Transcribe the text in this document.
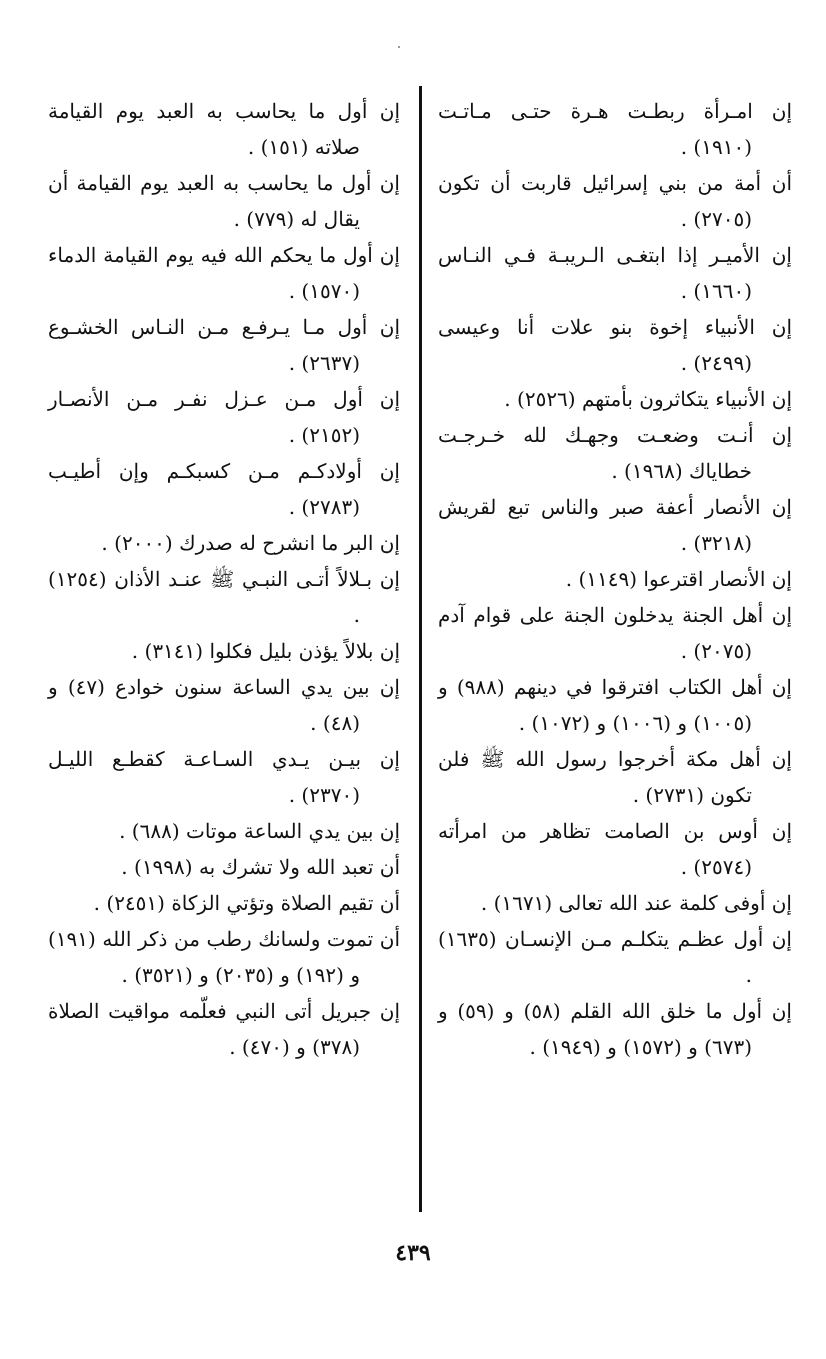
إن امـرأة ربطـت هـرة حتـى مـاتـت (١٩١٠) .

أن أمة من بني إسرائيل قاربت أن تكون (٢٧٠٥) .

إن الأميـر إذا ابتغـى الـريبـة فـي النـاس (١٦٦٠) .

إن الأنبياء إخوة بنو علات أنا وعيسى (٢٤٩٩) .

إن الأنبياء يتكاثرون بأمتهم (٢٥٢٦) .

إن أنـت وضعـت وجهـك لله خـرجـت خطاياك (١٩٦٨) .

إن الأنصار أعفة صبر والناس تبع لقريش (٣٢١٨) .

إن الأنصار اقترعوا (١١٤٩) .

إن أهل الجنة يدخلون الجنة على قوام آدم (٢٠٧٥) .

إن أهل الكتاب افترقوا في دينهم (٩٨٨) و (١٠٠٥) و (١٠٠٦) و (١٠٧٢) .

إن أهل مكة أخرجوا رسول الله ﷺ فلن تكون (٢٧٣١) .

إن أوس بن الصامت تظاهر من امرأته (٢٥٧٤) .

إن أوفى كلمة عند الله تعالى (١٦٧١) .

إن أول عظـم يتكلـم مـن الإنسـان (١٦٣٥) .

إن أول ما خلق الله القلم (٥٨) و (٥٩) و (٦٧٣) و (١٥٧٢) و (١٩٤٩) .

إن أول ما يحاسب به العبد يوم القيامة صلاته (١٥١) .

إن أول ما يحاسب به العبد يوم القيامة أن يقال له (٧٧٩) .

إن أول ما يحكم الله فيه يوم القيامة الدماء (١٥٧٠) .

إن أول مـا يـرفـع مـن النـاس الخشـوع (٢٦٣٧) .

إن أول مـن عـزل نفـر مـن الأنصـار (٢١٥٢) .

إن أولادكـم مـن كسبكـم وإن أطيـب (٢٧٨٣) .

إن البر ما انشرح له صدرك (٢٠٠٠) .

إن بـلالاً أتـى النبـي ﷺ عنـد الأذان (١٢٥٤) .

إن بلالاً يؤذن بليل فكلوا (٣١٤١) .

إن بين يدي الساعة سنون خوادع (٤٧) و (٤٨) .

إن بيـن يـدي السـاعـة كقطـع الليـل (٢٣٧٠) .

إن بين يدي الساعة موتات (٦٨٨) .

أن تعبد الله ولا تشرك به (١٩٩٨) .

أن تقيم الصلاة وتؤتي الزكاة (٢٤٥١) .

أن تموت ولسانك رطب من ذكر الله (١٩١) و (١٩٢) و (٢٠٣٥) و (٣٥٢١) .

إن جبريل أتى النبي فعلّمه مواقيت الصلاة (٣٧٨) و (٤٧٠) .

٤٣٩
